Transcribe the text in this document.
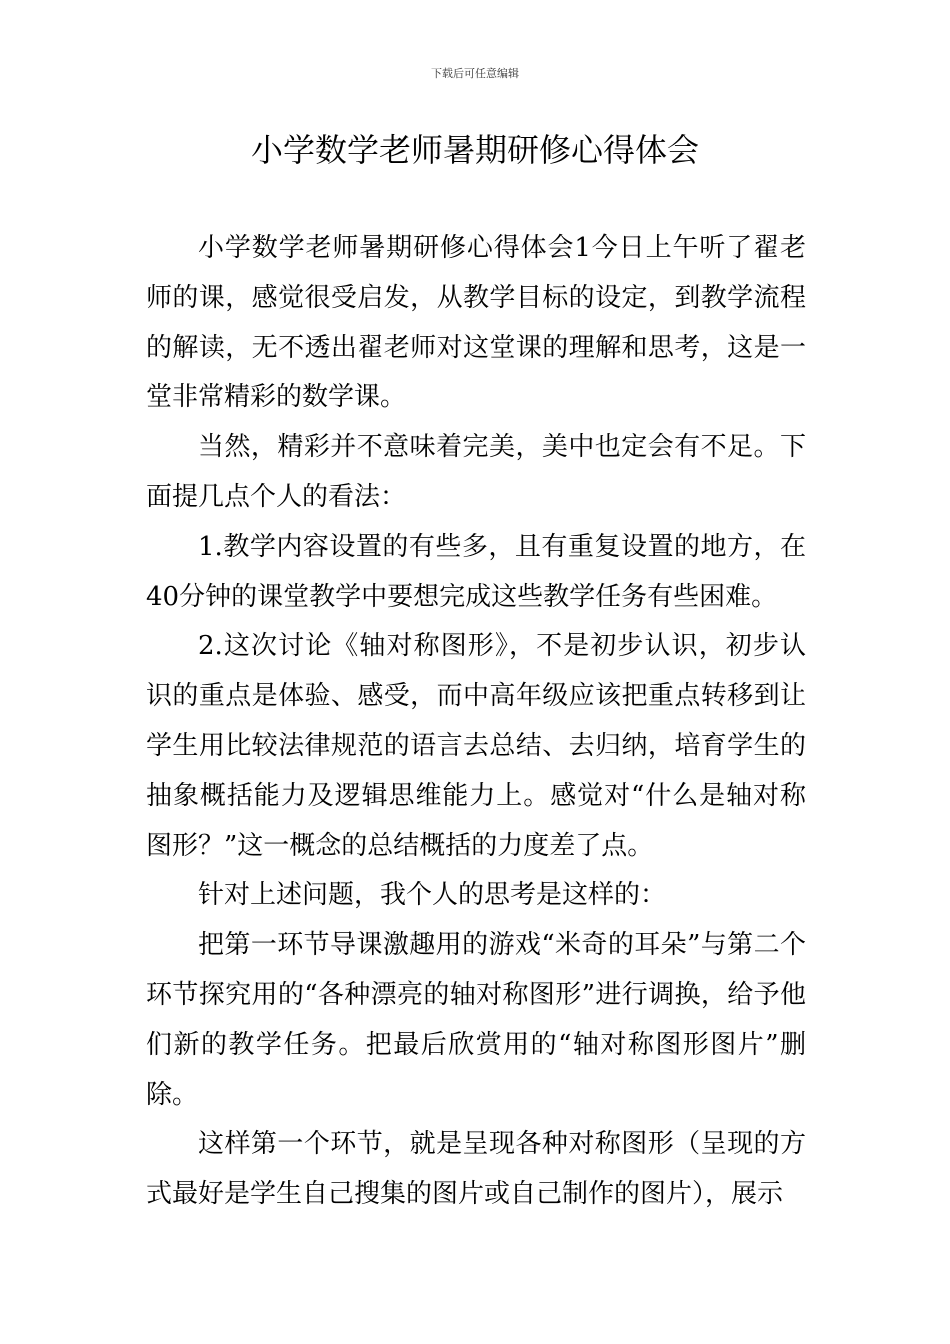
下载后可任意编辑
小学数学老师暑期研修心得体会

小学数学老师暑期研修心得体会1今日上午听了翟老师的课，感觉很受启发，从教学目标的设定，到教学流程的解读，无不透出翟老师对这堂课的理解和思考，这是一堂非常精彩的数学课。

当然，精彩并不意味着完美，美中也定会有不足。下面提几点个人的看法：

1.教学内容设置的有些多，且有重复设置的地方，在40分钟的课堂教学中要想完成这些教学任务有些困难。

2.这次讨论《轴对称图形》，不是初步认识，初步认识的重点是体验、感受，而中高年级应该把重点转移到让学生用比较法律规范的语言去总结、去归纳，培育学生的抽象概括能力及逻辑思维能力上。感觉对“什么是轴对称图形？”这一概念的总结概括的力度差了点。

针对上述问题，我个人的思考是这样的：

把第一环节导课激趣用的游戏“米奇的耳朵”与第二个环节探究用的“各种漂亮的轴对称图形”进行调换，给予他们新的教学任务。把最后欣赏用的“轴对称图形图片”删除。

这样第一个环节，就是呈现各种对称图形（呈现的方式最好是学生自己搜集的图片或自己制作的图片），展示
